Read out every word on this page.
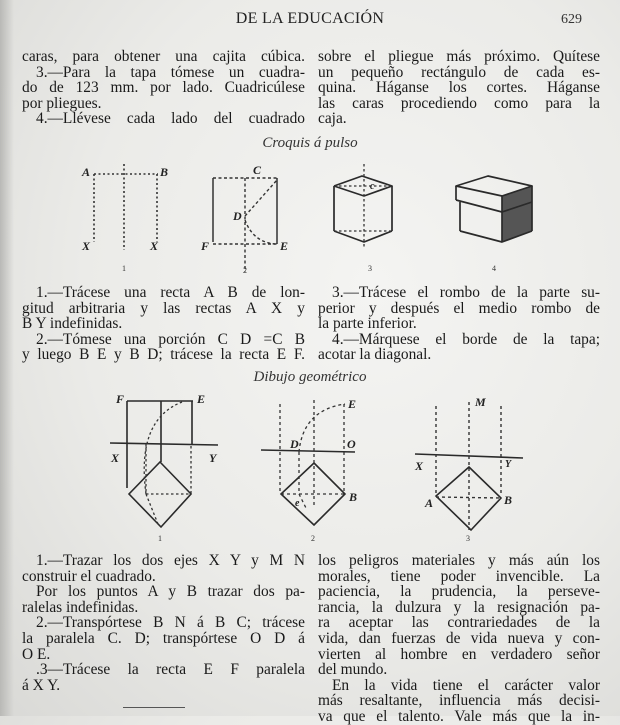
DE LA EDUCACIÓN	629
caras, para obtener una cajita cúbica.
3.—Para la tapa tómese un cuadra-
do de 123 mm. por lado. Cuadricúlese
por pliegues.
4.—Llévese cada lado del cuadrado
sobre el pliegue más próximo. Quítese
un pequeño rectángulo de cada es-
quina. Háganse los cortes. Háganse
las caras procediendo como para la
caja.
Croquis á pulso
A	B
X	X
1
C
D
F	E
2
c
3	4
1.—Trácese una recta A B de lon-
gitud arbitraria y las rectas A X y
B Y indefinidas.
2.—Tómese una porción C D =C B
y luego B E y B D; trácese la recta E F.
3.—Trácese el rombo de la parte su-
perior y después el medio rombo de
la parte inferior.
4.—Márquese el borde de la tapa;
acotar la diagonal.
Dibujo geométrico
F	E
X	Y
1
E
D	O
B
e
2
M
X	Y
A	B
3
1.—Trazar los dos ejes X Y y M N
construir el cuadrado.
Por los puntos A y B trazar dos pa-
ralelas indefinidas.
2.—Transpórtese B N á B C; trácese
la paralela C. D; transpórtese O D á
O E.
.3—Trácese la recta E F paralela
á X Y.
los peligros materiales y más aún los
morales, tiene poder invencible. La
paciencia, la prudencia, la perseve-
rancia, la dulzura y la resignación pa-
ra aceptar las contrariedades de la
vida, dan fuerzas de vida nueva y con-
vierten al hombre en verdadero señor
del mundo.
En la vida tiene el carácter valor
más resaltante, influencia más decisi-
va que el talento. Vale más que la in-
